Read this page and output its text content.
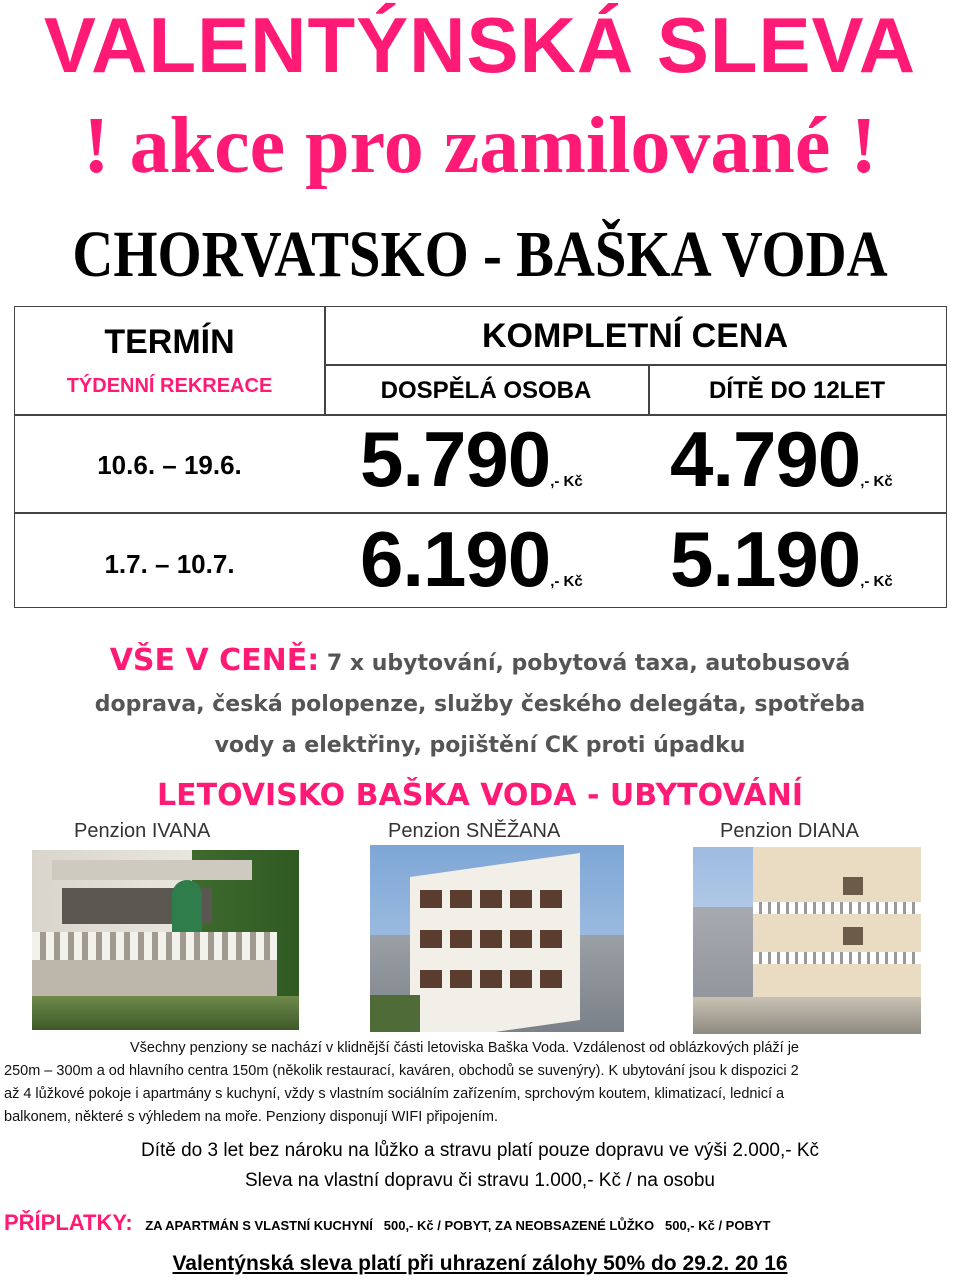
VALENTÝNSKÁ SLEVA
! akce pro zamilované !
CHORVATSKO - BAŠKA VODA
TERMÍN
TÝDENNÍ REKREACE
KOMPLETNÍ CENA
DOSPĚLÁ OSOBA	DÍTĚ DO 12LET
10.6. – 19.6.	5.790,- Kč 4.790,- Kč
1.7. – 10.7.	6.190,- Kč 5.190,- Kč
VŠE V CENĚ: 7 x ubytování, pobytová taxa, autobusová
doprava, česká polopenze, služby českého delegáta, spotřeba
vody a elektřiny, pojištění CK proti úpadku
LETOVISKO BAŠKA VODA - UBYTOVÁNÍ
Penzion IVANA	Penzion SNĚŽANA	Penzion DIANA
Všechny penziony se nachází v klidnější části letoviska Baška Voda. Vzdálenost od oblázkových pláží je
250m – 300m a od hlavního centra 150m (několik restaurací, kaváren, obchodů se suvenýry). K ubytování jsou k dispozici 2
až 4 lůžkové pokoje i apartmány s kuchyní, vždy s vlastním sociálním zařízením, sprchovým koutem, klimatizací, lednicí a
balkonem, některé s výhledem na moře. Penziony disponují WIFI připojením.
Dítě do 3 let bez nároku na lůžko a stravu platí pouze dopravu ve výši 2.000,- Kč
Sleva na vlastní dopravu či stravu 1.000,- Kč / na osobu
PŘÍPLATKY: ZA APARTMÁN S VLASTNÍ KUCHYNÍ   500,- Kč / POBYT, ZA NEOBSAZENÉ LŮŽKO   500,- Kč / POBYT
Valentýnská sleva platí při uhrazení zálohy 50% do 29.2. 20 16
